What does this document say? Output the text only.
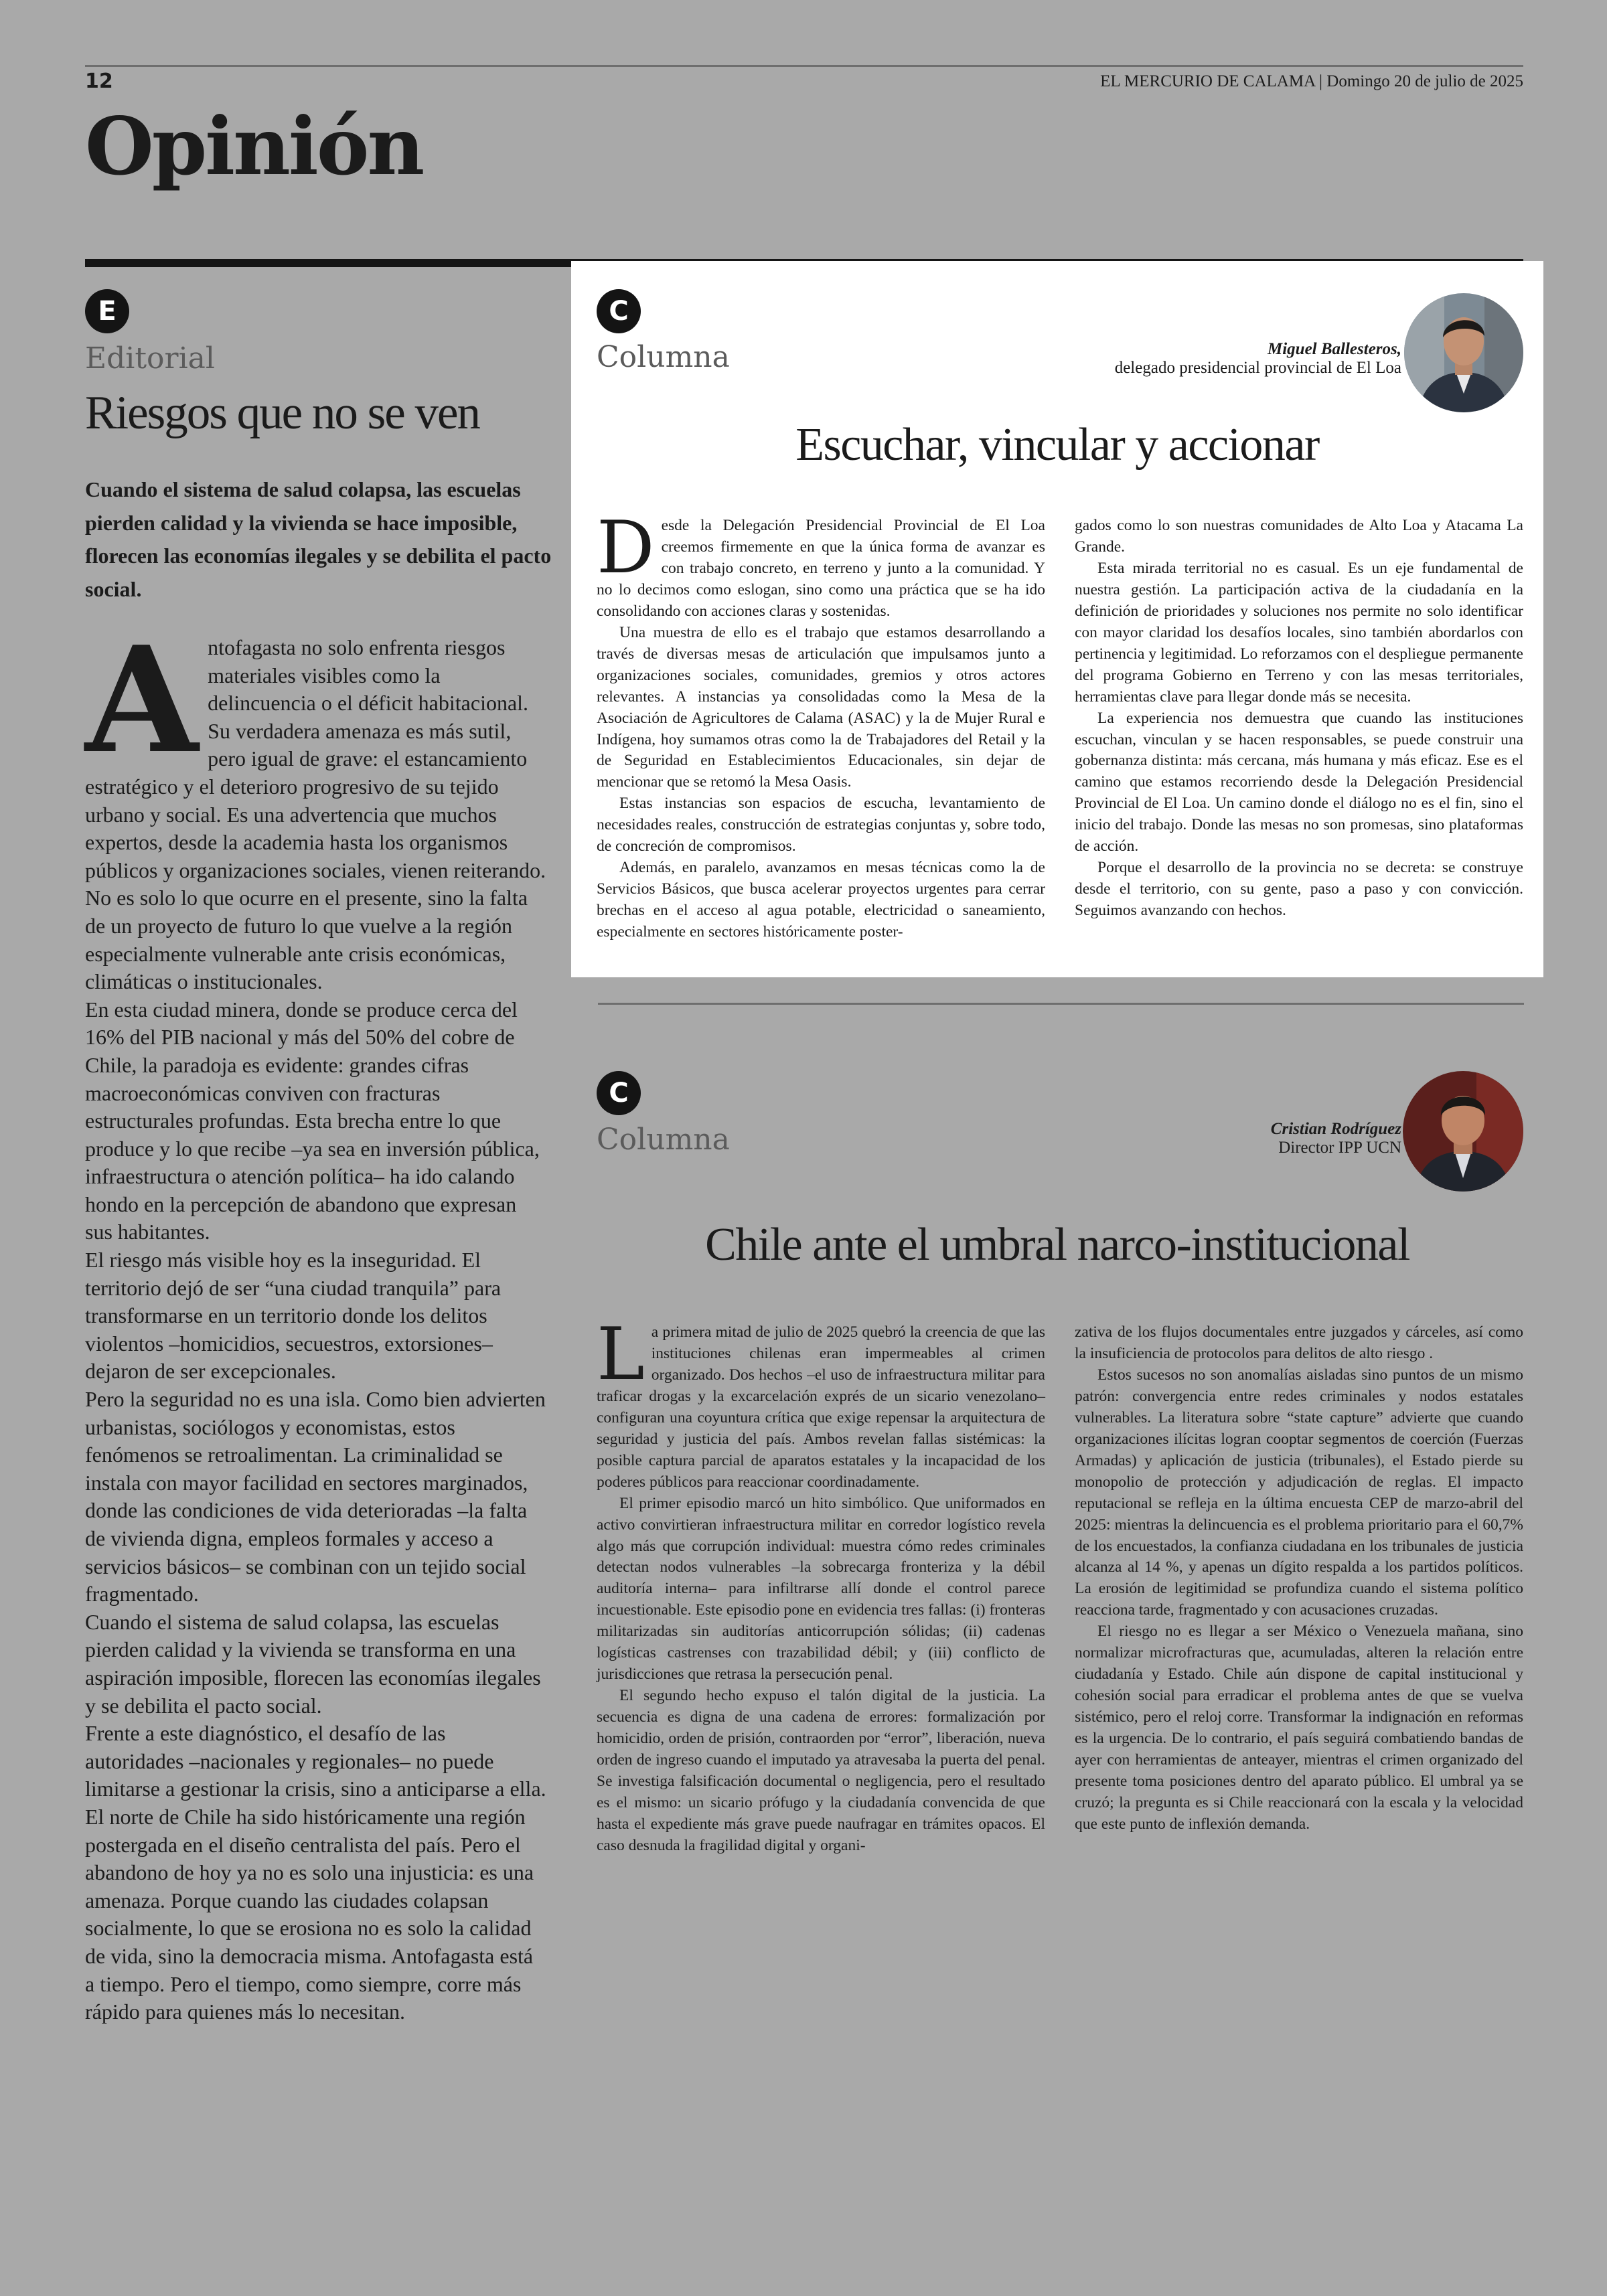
12	EL MERCURIO DE CALAMA | Domingo 20 de julio de 2025
Opinión
E
Editorial
Riesgos que no se ven
Cuando el sistema de salud colapsa, las escuelas pierden calidad y la vivienda se hace imposible, florecen las economías ilegales y se debilita el pacto social.

Antofagasta no solo enfrenta riesgos materiales visibles como la delincuencia o el déficit habitacional. Su verdadera amenaza es más sutil, pero igual de grave: el estancamiento estratégico y el deterioro progresivo de su tejido urbano y social. Es una advertencia que muchos expertos, desde la academia hasta los organismos públicos y organizaciones sociales, vienen reiterando. No es solo lo que ocurre en el presente, sino la falta de un proyecto de futuro lo que vuelve a la región especialmente vulnerable ante crisis económicas, climáticas o institucionales.

En esta ciudad minera, donde se produce cerca del 16% del PIB nacional y más del 50% del cobre de Chile, la paradoja es evidente: grandes cifras macroeconómicas conviven con fracturas estructurales profundas. Esta brecha entre lo que produce y lo que recibe –ya sea en inversión pública, infraestructura o atención política– ha ido calando hondo en la percepción de abandono que expresan sus habitantes.

El riesgo más visible hoy es la inseguridad. El territorio dejó de ser “una ciudad tranquila” para transformarse en un territorio donde los delitos violentos –homicidios, secuestros, extorsiones– dejaron de ser excepcionales.

Pero la seguridad no es una isla. Como bien advierten urbanistas, sociólogos y economistas, estos fenómenos se retroalimentan. La criminalidad se instala con mayor facilidad en sectores marginados, donde las condiciones de vida deterioradas –la falta de vivienda digna, empleos formales y acceso a servicios básicos– se combinan con un tejido social fragmentado.

Cuando el sistema de salud colapsa, las escuelas pierden calidad y la vivienda se transforma en una aspiración imposible, florecen las economías ilegales y se debilita el pacto social.

Frente a este diagnóstico, el desafío de las autoridades –nacionales y regionales– no puede limitarse a gestionar la crisis, sino a anticiparse a ella.

El norte de Chile ha sido históricamente una región postergada en el diseño centralista del país. Pero el abandono de hoy ya no es solo una injusticia: es una amenaza. Porque cuando las ciudades colapsan socialmente, lo que se erosiona no es solo la calidad de vida, sino la democracia misma. Antofagasta está a tiempo. Pero el tiempo, como siempre, corre más rápido para quienes más lo necesitan.

C
Columna	Miguel Ballesteros,
delegado presidencial provincial de El Loa
Escuchar, vincular y accionar

Desde la Delegación Presidencial Provincial de El Loa creemos firmemente en que la única forma de avanzar es con trabajo concreto, en terreno y junto a la comunidad. Y no lo decimos como eslogan, sino como una práctica que se ha ido consolidando con acciones claras y sostenidas.

Una muestra de ello es el trabajo que estamos desarrollando a través de diversas mesas de articulación que impulsamos junto a organizaciones sociales, comunidades, gremios y otros actores relevantes. A instancias ya consolidadas como la Mesa de la Asociación de Agricultores de Calama (ASAC) y la de Mujer Rural e Indígena, hoy sumamos otras como la de Trabajadores del Retail y la de Seguridad en Establecimientos Educacionales, sin dejar de mencionar que se retomó la Mesa Oasis.

Estas instancias son espacios de escucha, levantamiento de necesidades reales, construcción de estrategias conjuntas y, sobre todo, de concreción de compromisos.

Además, en paralelo, avanzamos en mesas técnicas como la de Servicios Básicos, que busca acelerar proyectos urgentes para cerrar brechas en el acceso al agua potable, electricidad o saneamiento, especialmente en sectores históricamente poster-

gados como lo son nuestras comunidades de Alto Loa y Atacama La Grande.

Esta mirada territorial no es casual. Es un eje fundamental de nuestra gestión. La participación activa de la ciudadanía en la definición de prioridades y soluciones nos permite no solo identificar con mayor claridad los desafíos locales, sino también abordarlos con pertinencia y legitimidad. Lo reforzamos con el despliegue permanente del programa Gobierno en Terreno y con las mesas territoriales, herramientas clave para llegar donde más se necesita.

La experiencia nos demuestra que cuando las instituciones escuchan, vinculan y se hacen responsables, se puede construir una gobernanza distinta: más cercana, más humana y más eficaz. Ese es el camino que estamos recorriendo desde la Delegación Presidencial Provincial de El Loa. Un camino donde el diálogo no es el fin, sino el inicio del trabajo. Donde las mesas no son promesas, sino plataformas de acción.

Porque el desarrollo de la provincia no se decreta: se construye desde el territorio, con su gente, paso a paso y con convicción. Seguimos avanzando con hechos.

C
Columna	Cristian Rodríguez
Director IPP UCN
Chile ante el umbral narco-institucional

La primera mitad de julio de 2025 quebró la creencia de que las instituciones chilenas eran impermeables al crimen organizado. Dos hechos –el uso de infraestructura militar para traficar drogas y la excarcelación exprés de un sicario venezolano– configuran una coyuntura crítica que exige repensar la arquitectura de seguridad y justicia del país. Ambos revelan fallas sistémicas: la posible captura parcial de aparatos estatales y la incapacidad de los poderes públicos para reaccionar coordinadamente.

El primer episodio marcó un hito simbólico. Que uniformados en activo convirtieran infraestructura militar en corredor logístico revela algo más que corrupción individual: muestra cómo redes criminales detectan nodos vulnerables –la sobrecarga fronteriza y la débil auditoría interna– para infiltrarse allí donde el control parece incuestionable. Este episodio pone en evidencia tres fallas: (i) fronteras militarizadas sin auditorías anticorrupción sólidas; (ii) cadenas logísticas castrenses con trazabilidad débil; y (iii) conflicto de jurisdicciones que retrasa la persecución penal.

El segundo hecho expuso el talón digital de la justicia. La secuencia es digna de una cadena de errores: formalización por homicidio, orden de prisión, contraorden por “error”, liberación, nueva orden de ingreso cuando el imputado ya atravesaba la puerta del penal. Se investiga falsificación documental o negligencia, pero el resultado es el mismo: un sicario prófugo y la ciudadanía convencida de que hasta el expediente más grave puede naufragar en trámites opacos. El caso desnuda la fragilidad digital y organi-

zativa de los flujos documentales entre juzgados y cárceles, así como la insuficiencia de protocolos para delitos de alto riesgo .

Estos sucesos no son anomalías aisladas sino puntos de un mismo patrón: convergencia entre redes criminales y nodos estatales vulnerables. La literatura sobre “state capture” advierte que cuando organizaciones ilícitas logran cooptar segmentos de coerción (Fuerzas Armadas) y aplicación de justicia (tribunales), el Estado pierde su monopolio de protección y adjudicación de reglas. El impacto reputacional se refleja en la última encuesta CEP de marzo-abril del 2025: mientras la delincuencia es el problema prioritario para el 60,7% de los encuestados, la confianza ciudadana en los tribunales de justicia alcanza al 14 %, y apenas un dígito respalda a los partidos políticos. La erosión de legitimidad se profundiza cuando el sistema político reacciona tarde, fragmentado y con acusaciones cruzadas.

El riesgo no es llegar a ser México o Venezuela mañana, sino normalizar microfracturas que, acumuladas, alteren la relación entre ciudadanía y Estado. Chile aún dispone de capital institucional y cohesión social para erradicar el problema antes de que se vuelva sistémico, pero el reloj corre. Transformar la indignación en reformas es la urgencia. De lo contrario, el país seguirá combatiendo bandas de ayer con herramientas de anteayer, mientras el crimen organizado del presente toma posiciones dentro del aparato público. El umbral ya se cruzó; la pregunta es si Chile reaccionará con la escala y la velocidad que este punto de inflexión demanda.
